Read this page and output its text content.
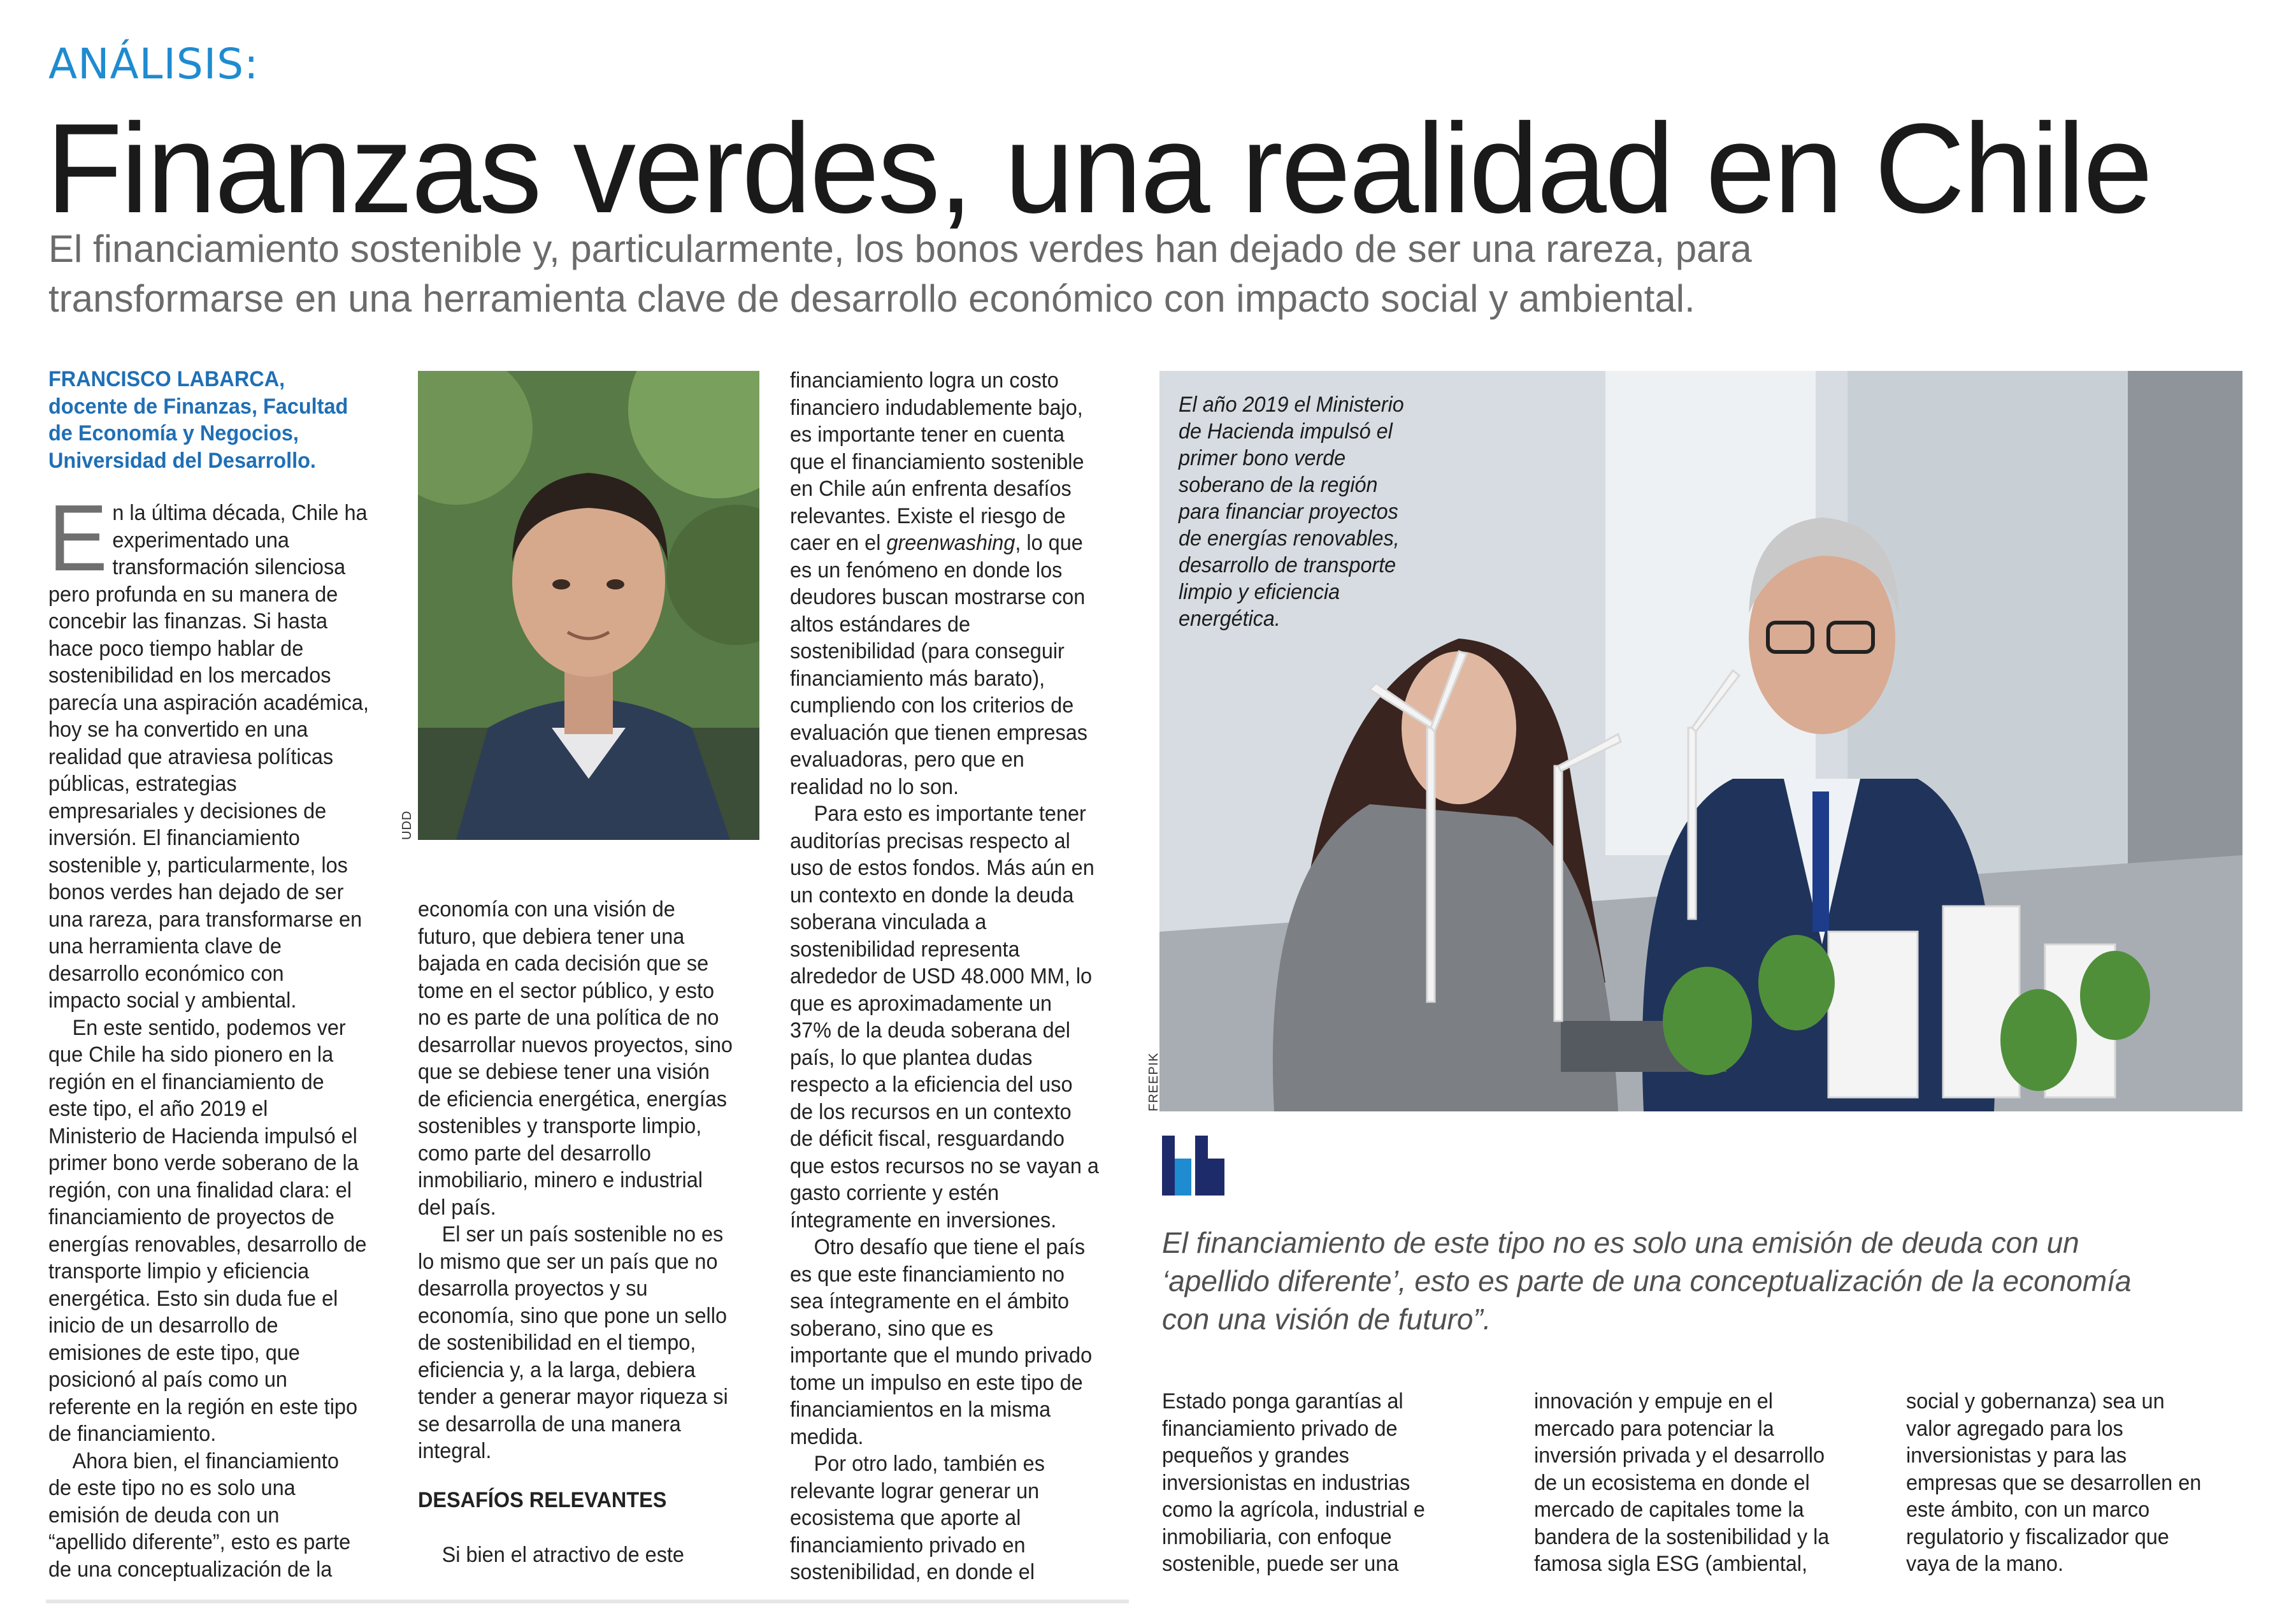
ANÁLISIS:
Finanzas verdes, una realidad en Chile
El financiamiento sostenible y, particularmente, los bonos verdes han dejado de ser una rareza, para
transformarse en una herramienta clave de desarrollo económico con impacto social y ambiental.
FRANCISCO LABARCA,
docente de Finanzas, Facultad
de Economía y Negocios,
Universidad del Desarrollo.
E n la última década, Chile ha
experimentado una
transformación silenciosa
pero profunda en su manera de
concebir las finanzas. Si hasta
hace poco tiempo hablar de
sostenibilidad en los mercados
parecía una aspiración académica,
hoy se ha convertido en una
realidad que atraviesa políticas
públicas, estrategias
empresariales y decisiones de
inversión. El financiamiento
sostenible y, particularmente, los
bonos verdes han dejado de ser
una rareza, para transformarse en
una herramienta clave de
desarrollo económico con
impacto social y ambiental.
En este sentido, podemos ver
que Chile ha sido pionero en la
región en el financiamiento de
este tipo, el año 2019 el
Ministerio de Hacienda impulsó el
primer bono verde soberano de la
región, con una finalidad clara: el
financiamiento de proyectos de
energías renovables, desarrollo de
transporte limpio y eficiencia
energética. Esto sin duda fue el
inicio de un desarrollo de
emisiones de este tipo, que
posicionó al país como un
referente en la región en este tipo
de financiamiento.
Ahora bien, el financiamiento
de este tipo no es solo una
emisión de deuda con un
“apellido diferente”, esto es parte
de una conceptualización de la
UDD
economía con una visión de
futuro, que debiera tener una
bajada en cada decisión que se
tome en el sector público, y esto
no es parte de una política de no
desarrollar nuevos proyectos, sino
que se debiese tener una visión
de eficiencia energética, energías
sostenibles y transporte limpio,
como parte del desarrollo
inmobiliario, minero e industrial
del país.
El ser un país sostenible no es
lo mismo que ser un país que no
desarrolla proyectos y su
economía, sino que pone un sello
de sostenibilidad en el tiempo,
eficiencia y, a la larga, debiera
tender a generar mayor riqueza si
se desarrolla de una manera
integral.
DESAFÍOS RELEVANTES
Si bien el atractivo de este
financiamiento logra un costo
financiero indudablemente bajo,
es importante tener en cuenta
que el financiamiento sostenible
en Chile aún enfrenta desafíos
relevantes. Existe el riesgo de
caer en el greenwashing, lo que
es un fenómeno en donde los
deudores buscan mostrarse con
altos estándares de
sostenibilidad (para conseguir
financiamiento más barato),
cumpliendo con los criterios de
evaluación que tienen empresas
evaluadoras, pero que en
realidad no lo son.
Para esto es importante tener
auditorías precisas respecto al
uso de estos fondos. Más aún en
un contexto en donde la deuda
soberana vinculada a
sostenibilidad representa
alrededor de USD 48.000 MM, lo
que es aproximadamente un
37% de la deuda soberana del
país, lo que plantea dudas
respecto a la eficiencia del uso
de los recursos en un contexto
de déficit fiscal, resguardando
que estos recursos no se vayan a
gasto corriente y estén
íntegramente en inversiones.
Otro desafío que tiene el país
es que este financiamiento no
sea íntegramente en el ámbito
soberano, sino que es
importante que el mundo privado
tome un impulso en este tipo de
financiamientos en la misma
medida.
Por otro lado, también es
relevante lograr generar un
ecosistema que aporte al
financiamiento privado en
sostenibilidad, en donde el
El año 2019 el Ministerio
de Hacienda impulsó el
primer bono verde
soberano de la región
para financiar proyectos
de energías renovables,
desarrollo de transporte
limpio y eficiencia
energética.
FREEPIK
El financiamiento de este tipo no es solo una emisión de deuda con un
‘apellido diferente’, esto es parte de una conceptualización de la economía
con una visión de futuro”.
Estado ponga garantías al
financiamiento privado de
pequeños y grandes
inversionistas en industrias
como la agrícola, industrial e
inmobiliaria, con enfoque
sostenible, puede ser una
innovación y empuje en el
mercado para potenciar la
inversión privada y el desarrollo
de un ecosistema en donde el
mercado de capitales tome la
bandera de la sostenibilidad y la
famosa sigla ESG (ambiental,
social y gobernanza) sea un
valor agregado para los
inversionistas y para las
empresas que se desarrollen en
este ámbito, con un marco
regulatorio y fiscalizador que
vaya de la mano.
